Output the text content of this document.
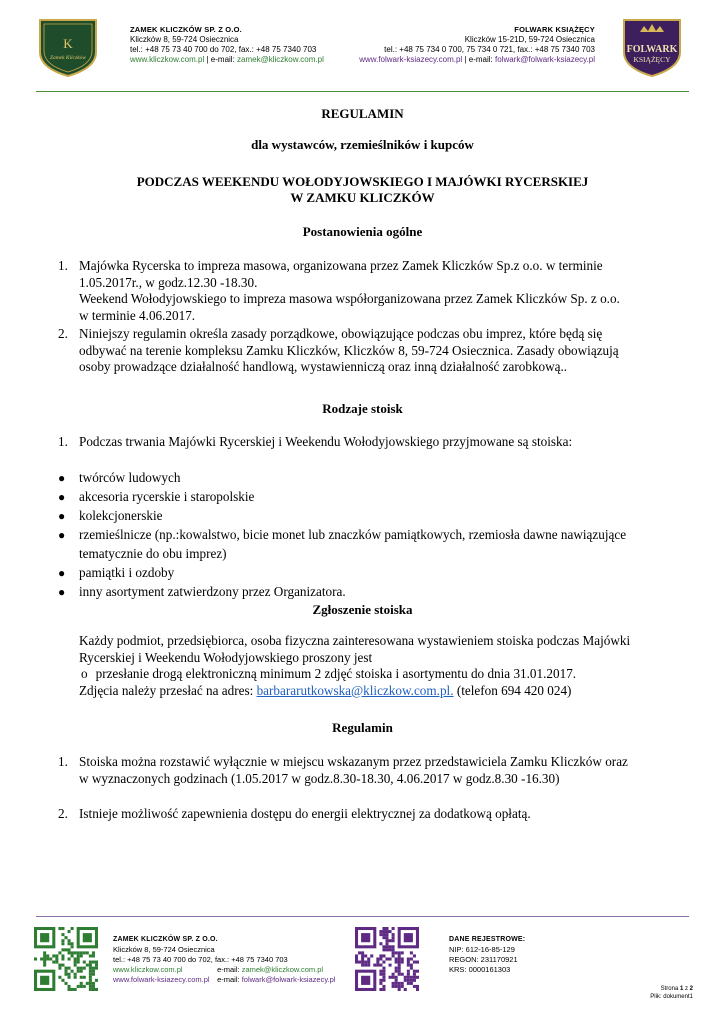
K
Zamek Kliczków
ZAMEK KLICZKÓW SP. Z O.O.
Kliczków 8, 59-724 Osiecznica
tel.: +48 75 73 40 700 do 702, fax.: +48 75 7340 703
www.kliczkow.com.pl | e-mail: zamek@kliczkow.com.pl
FOLWARK KSIĄŻĘCY
Kliczków 15-21D, 59-724 Osiecznica
tel.: +48 75 734 0 700, 75 734 0 721, fax.: +48 75 7340 703
www.folwark-ksiazecy.com.pl | e-mail: folwark@folwark-ksiazecy.pl
FOLWARK
KSIĄŻĘCY
REGULAMIN
dla wystawców, rzemieślników i kupców
PODCZAS WEEKENDU WOŁODYJOWSKIEGO I MAJÓWKI RYCERSKIEJ
W ZAMKU KLICZKÓW
Postanowienia ogólne
1. Majówka Rycerska to impreza masowa, organizowana przez Zamek Kliczków Sp.z o.o. w terminie
1.05.2017r., w godz.12.30 -18.30.
Weekend Wołodyjowskiego to impreza masowa współorganizowana przez Zamek Kliczków Sp. z o.o.
w terminie 4.06.2017.
2. Niniejszy regulamin określa zasady porządkowe, obowiązujące podczas obu imprez, które będą się
odbywać na terenie kompleksu Zamku Kliczków, Kliczków 8, 59-724 Osiecznica. Zasady obowiązują
osoby prowadzące działalność handlową, wystawienniczą oraz inną działalność zarobkową..
Rodzaje stoisk
1. Podczas trwania Majówki Rycerskiej i Weekendu Wołodyjowskiego przyjmowane są stoiska:
● twórców ludowych
● akcesoria rycerskie i staropolskie
● kolekcjonerskie
● rzemieślnicze (np.:kowalstwo, bicie monet lub znaczków pamiątkowych, rzemiosła dawne nawiązujące
tematycznie do obu imprez)
● pamiątki i ozdoby
● inny asortyment zatwierdzony przez Organizatora.
Zgłoszenie stoiska
Każdy podmiot, przedsiębiorca, osoba fizyczna zainteresowana wystawieniem stoiska podczas Majówki
Rycerskiej i Weekendu Wołodyjowskiego proszony jest
o przesłanie drogą elektroniczną minimum 2 zdjęć stoiska i asortymentu do dnia 31.01.2017.
Zdjęcia należy przesłać na adres: barbararutkowska@kliczkow.com.pl. (telefon 694 420 024)
Regulamin
1. Stoiska można rozstawić wyłącznie w miejscu wskazanym przez przedstawiciela Zamku Kliczków oraz
w wyznaczonych godzinach (1.05.2017 w godz.8.30-18.30, 4.06.2017 w godz.8.30 -16.30)
2. Istnieje możliwość zapewnienia dostępu do energii elektrycznej za dodatkową opłatą.
ZAMEK KLICZKÓW SP. Z O.O.
Kliczków 8, 59-724 Osiecznica
tel.: +48 75 73 40 700 do 702, fax.: +48 75 7340 703
www.kliczkow.com.pl	e-mail: zamek@kliczkow.com.pl
www.folwark-ksiazecy.com.pl e-mail: folwark@folwark-ksiazecy.pl
DANE REJESTROWE:
NIP: 612-16-85-129
REGON: 231170921
KRS: 0000161303
Strona 1 z 2
Plik: dokument1
